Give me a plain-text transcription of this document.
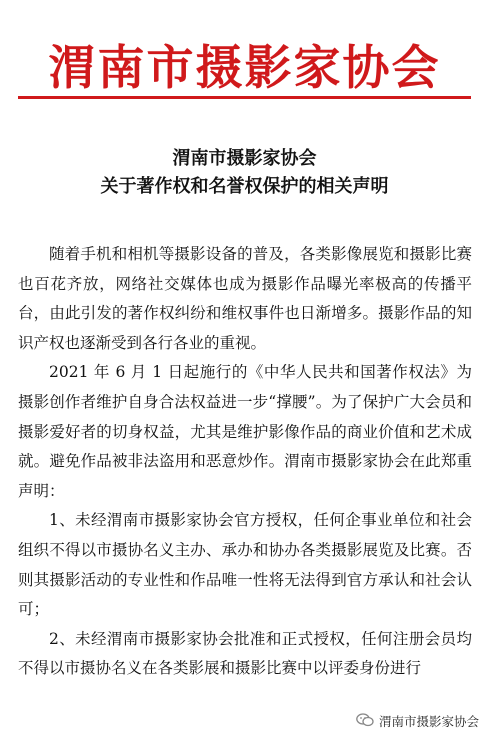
渭南市摄影家协会
渭南市摄影家协会
关于著作权和名誉权保护的相关声明

随着手机和相机等摄影设备的普及，各类影像展览和摄影比赛也百花齐放，网络社交媒体也成为摄影作品曝光率极高的传播平台，由此引发的著作权纠纷和维权事件也日渐增多。摄影作品的知识产权也逐渐受到各行各业的重视。

2021 年 6 月 1 日起施行的《中华人民共和国著作权法》为摄影创作者维护自身合法权益进一步“撑腰”。为了保护广大会员和摄影爱好者的切身权益，尤其是维护影像作品的商业价值和艺术成就。避免作品被非法盗用和恶意炒作。渭南市摄影家协会在此郑重声明：

1、未经渭南市摄影家协会官方授权，任何企事业单位和社会组织不得以市摄协名义主办、承办和协办各类摄影展览及比赛。否则其摄影活动的专业性和作品唯一性将无法得到官方承认和社会认可；

2、未经渭南市摄影家协会批准和正式授权，任何注册会员均不得以市摄协名义在各类影展和摄影比赛中以评委身份进行

渭南市摄影家协会
